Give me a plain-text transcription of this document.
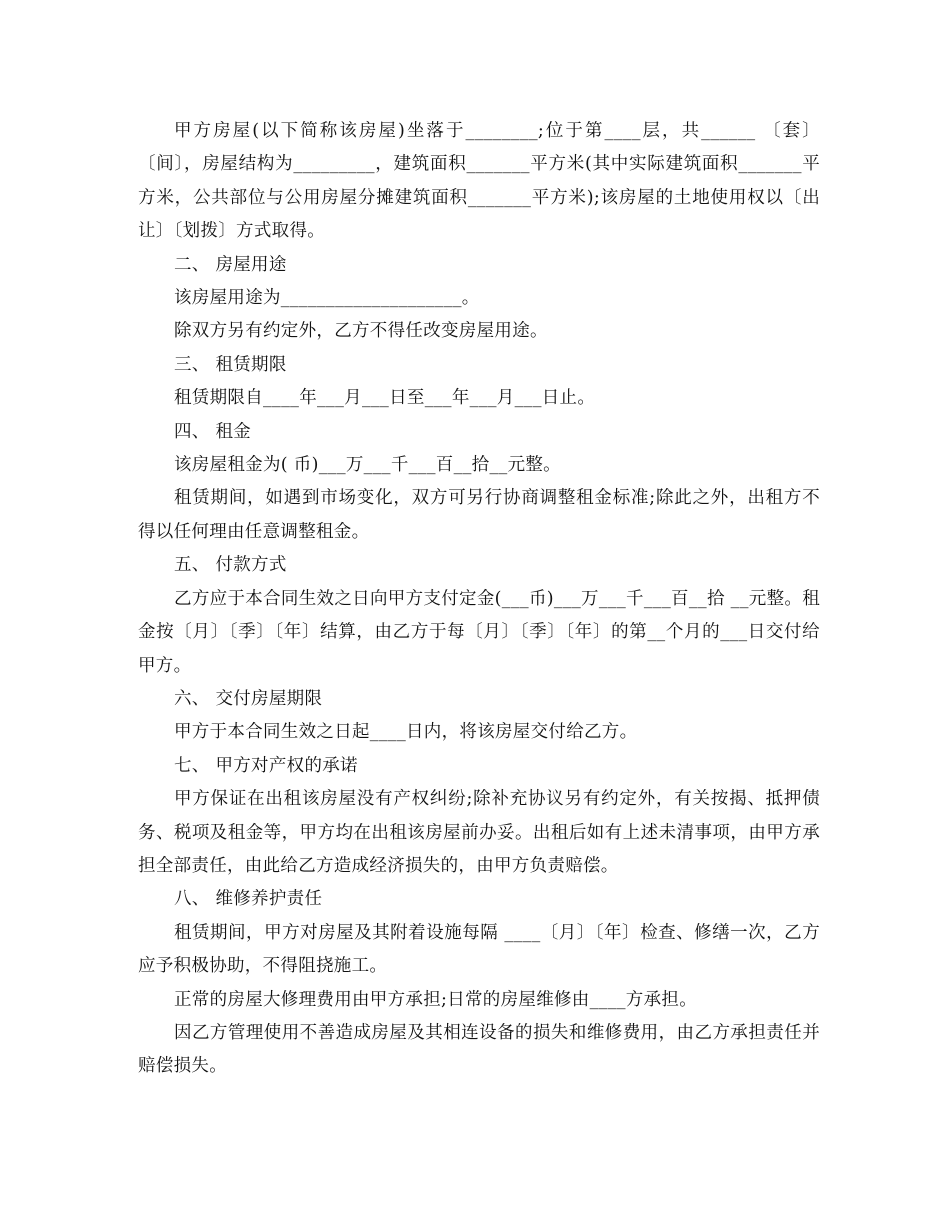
甲方房屋(以下简称该房屋)坐落于________;位于第____层，共______ 〔套〕〔间〕，房屋结构为_________，建筑面积_______平方米(其中实际建筑面积_______平方米，公共部位与公用房屋分摊建筑面积_______平方米);该房屋的土地使用权以〔出让〕〔划拨〕方式取得。

二、 房屋用途

该房屋用途为____________________。

除双方另有约定外，乙方不得任改变房屋用途。

三、 租赁期限

租赁期限自____年___月___日至___年___月___日止。

四、 租金

该房屋租金为( 币)___万___千___百__拾__元整。

租赁期间，如遇到市场变化，双方可另行协商调整租金标准;除此之外，出租方不得以任何理由任意调整租金。

五、 付款方式

乙方应于本合同生效之日向甲方支付定金(___币)___万___千___百__拾 __元整。租金按〔月〕〔季〕〔年〕结算，由乙方于每〔月〕〔季〕〔年〕的第__个月的___日交付给甲方。

六、 交付房屋期限

甲方于本合同生效之日起____日内，将该房屋交付给乙方。

七、 甲方对产权的承诺

甲方保证在出租该房屋没有产权纠纷;除补充协议另有约定外，有关按揭、抵押债务、税项及租金等，甲方均在出租该房屋前办妥。出租后如有上述未清事项，由甲方承担全部责任，由此给乙方造成经济损失的，由甲方负责赔偿。

八、 维修养护责任

租赁期间，甲方对房屋及其附着设施每隔 ____〔月〕〔年〕检查、修缮一次，乙方应予积极协助，不得阻挠施工。

正常的房屋大修理费用由甲方承担;日常的房屋维修由____方承担。

因乙方管理使用不善造成房屋及其相连设备的损失和维修费用，由乙方承担责任并赔偿损失。
